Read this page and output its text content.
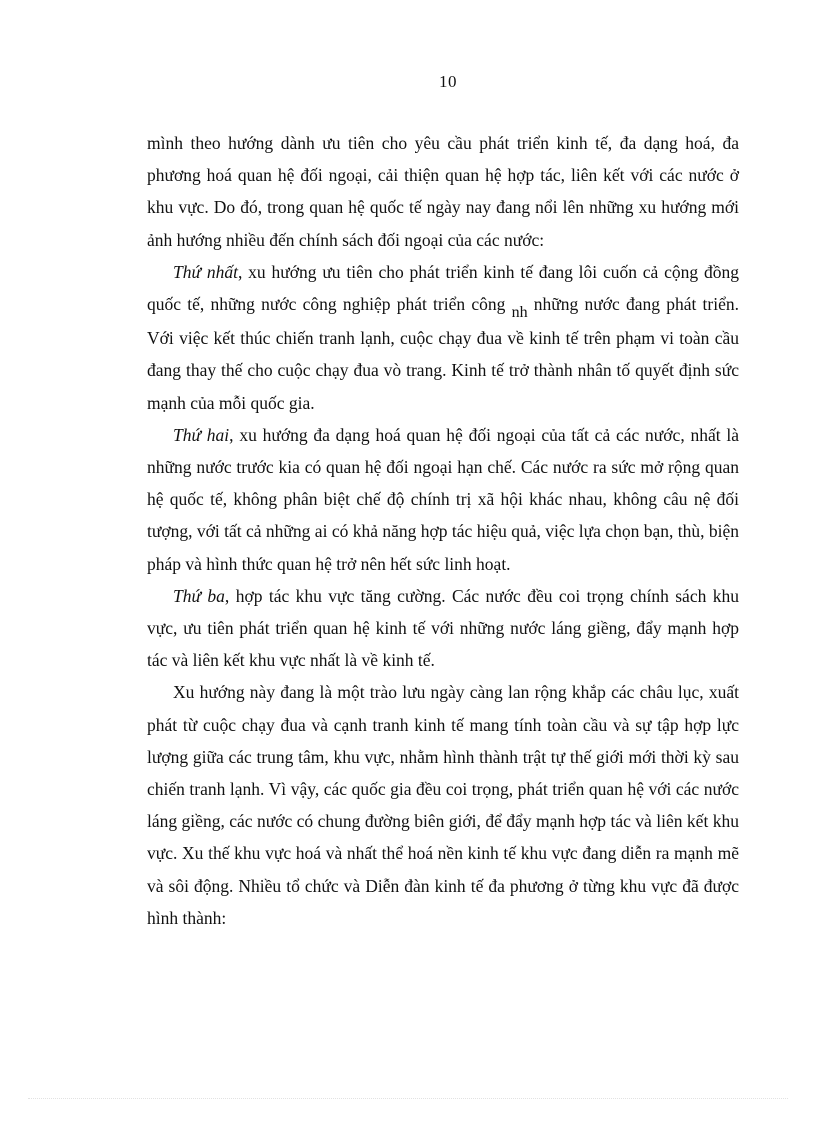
10

mình theo hướng dành ưu tiên cho yêu cầu phát triển kinh tế, đa dạng hoá, đa phương hoá quan hệ đối ngoại, cải thiện quan hệ hợp tác, liên kết với các nước ở khu vực. Do đó, trong quan hệ quốc tế ngày nay đang nổi lên những xu hướng mới ảnh hướng nhiều đến chính sách đối ngoại của các nước:

Thứ nhất, xu hướng ưu tiên cho phát triển kinh tế đang lôi cuốn cả cộng đồng quốc tế, những nước công nghiệp phát triển công nh những nước đang phát triển. Với việc kết thúc chiến tranh lạnh, cuộc chạy đua về kinh tế trên phạm vi toàn cầu đang thay thế cho cuộc chạy đua vò trang. Kinh tế trở thành nhân tố quyết định sức mạnh của mỗi quốc gia.

Thứ hai, xu hướng đa dạng hoá quan hệ đối ngoại của tất cả các nước, nhất là những nước trước kia có quan hệ đối ngoại hạn chế. Các nước ra sức mở rộng quan hệ quốc tế, không phân biệt chế độ chính trị xã hội khác nhau, không câu nệ đối tượng, với tất cả những ai có khả năng hợp tác hiệu quả, việc lựa chọn bạn, thù, biện pháp và hình thức quan hệ trở nên hết sức linh hoạt.

Thứ ba, hợp tác khu vực tăng cường. Các nước đều coi trọng chính sách khu vực, ưu tiên phát triển quan hệ kinh tế với những nước láng giềng, đẩy mạnh hợp tác và liên kết khu vực nhất là về kinh tế.

Xu hướng này đang là một trào lưu ngày càng lan rộng khắp các châu lục, xuất phát từ cuộc chạy đua và cạnh tranh kinh tế mang tính toàn cầu và sự tập hợp lực lượng giữa các trung tâm, khu vực, nhằm hình thành trật tự thế giới mới thời kỳ sau chiến tranh lạnh. Vì vậy, các quốc gia đều coi trọng, phát triển quan hệ với các nước láng giềng, các nước có chung đường biên giới, để đẩy mạnh hợp tác và liên kết khu vực. Xu thế khu vực hoá và nhất thể hoá nền kinh tế khu vực đang diễn ra mạnh mẽ và sôi động. Nhiều tổ chức và Diễn đàn kinh tế đa phương ở từng khu vực đã được hình thành:
